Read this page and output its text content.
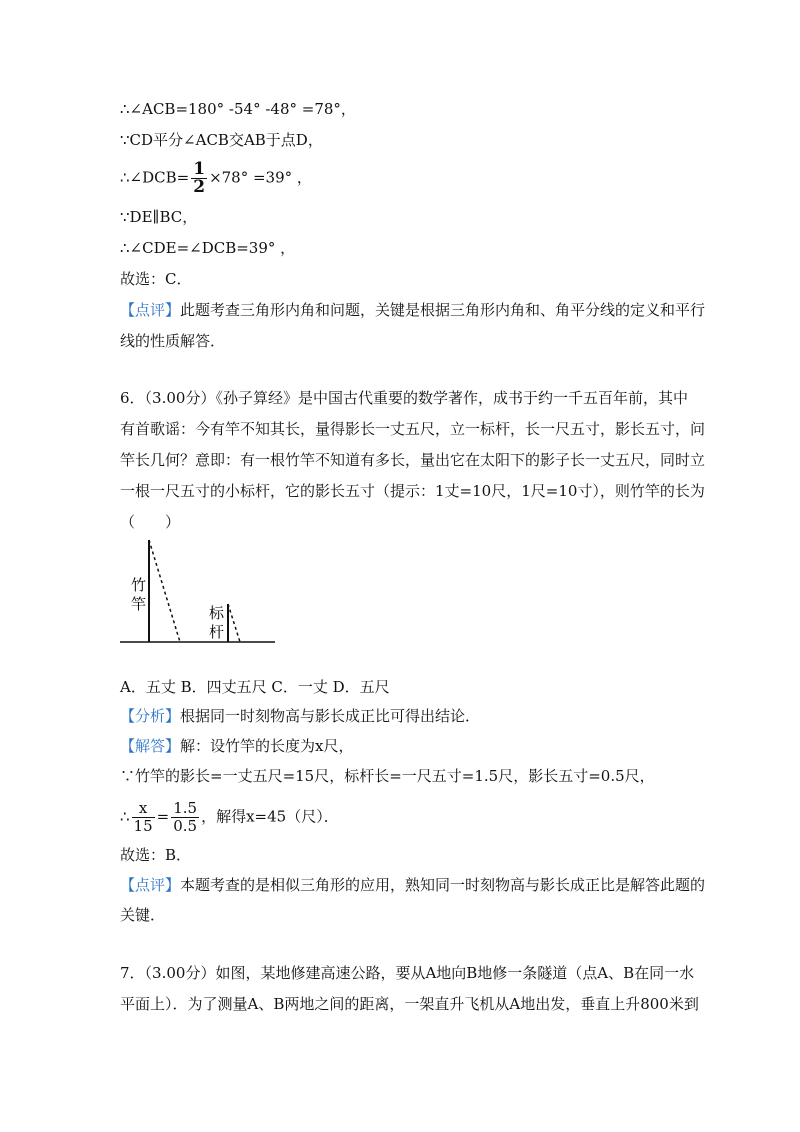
∴∠ACB=180° -54° -48° =78°，
∵CD平分∠ACB交AB于点D，
∴∠DCB= $\frac{1}{2} \times 78^\circ =39^\circ$ ，
∵DE∥BC，
∴∠CDE=∠DCB=39° ，
故选：C．
【点评】此题考查三角形内角和问题，关键是根据三角形内角和、角平分线的定义和平行
线的性质解答．
6．（3.00分）《孙子算经》是中国古代重要的数学著作，成书于约一千五百年前，其中
有首歌谣：今有竿不知其长，量得影长一丈五尺，立一标杆，长一尺五寸，影长五寸，问
竿长几何？意即：有一根竹竿不知道有多长，量出它在太阳下的影子长一丈五尺，同时立
一根一尺五寸的小标杆，它的影长五寸（提示：1丈=10尺，1尺=10寸），则竹竿的长为
（　　）
竹
竿	标
杆
A．五丈 B．四丈五尺 C．一丈 D．五尺
【分析】根据同一时刻物高与影长成正比可得出结论．
【解答】解：设竹竿的长度为x尺，
∵竹竿的影长=一丈五尺=15尺，标杆长=一尺五寸=1.5尺，影长五寸=0.5尺，
∴ $\frac{x}{15} = \frac{1.5}{0.5}$ ，解得x=45（尺）．
故选：B．
【点评】本题考查的是相似三角形的应用，熟知同一时刻物高与影长成正比是解答此题的
关键．
7．（3.00分）如图，某地修建高速公路，要从A地向B地修一条隧道（点A、B在同一水
平面上）．为了测量A、B两地之间的距离，一架直升飞机从A地出发，垂直上升800米到
